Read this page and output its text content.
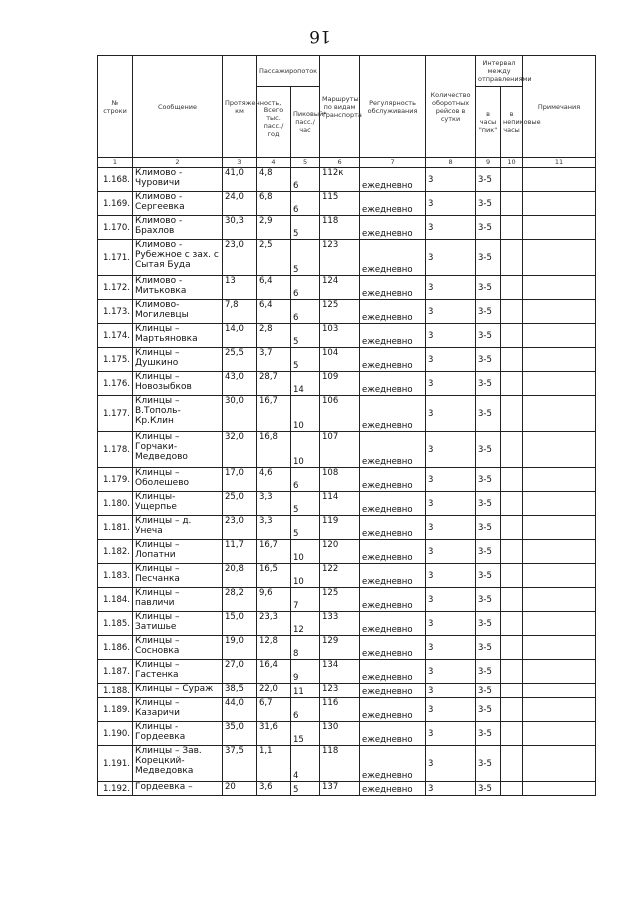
16
№ строки	Сообщение	Протяженность, км	Пассажиропоток		Маршруты по видам транспорта	Регулярность обслуживания	Количество оборотных рейсов в сутки	Интервал между отправлениями		Примечания
			Всего тыс. пасс./год	Пиковый* пасс./час				в часы "пик"	в непиковые часы	
1	2	3	4	5	6	7	8	9	10	11
1.168.	Климово - Чуровичи	41,0	4,8	6	112к	ежедневно	3	3-5		
1.169.	Климово - Сергеевка	24,0	6,8	6	115	ежедневно	3	3-5		
1.170.	Климово - Брахлов	30,3	2,9	5	118	ежедневно	3	3-5		
1.171.	Климово - Рубежное с зах. с Сытая Буда	23,0	2,5	5	123	ежедневно	3	3-5		
1.172.	Климово - Митьковка	13	6,4	6	124	ежедневно	3	3-5		
1.173.	Климово- Могилевцы	7,8	6,4	6	125	ежедневно	3	3-5		
1.174.	Клинцы – Мартьяновка	14,0	2,8	5	103	ежедневно	3	3-5		
1.175.	Клинцы – Душкино	25,5	3,7	5	104	ежедневно	3	3-5		
1.176.	Клинцы – Новозыбков	43,0	28,7	14	109	ежедневно	3	3-5		
1.177.	Клинцы – В.Тополь- Кр.Клин	30,0	16,7	10	106	ежедневно	3	3-5		
1.178.	Клинцы – Горчаки- Медведово	32,0	16,8	10	107	ежедневно	3	3-5		
1.179.	Клинцы – Оболешево	17,0	4,6	6	108	ежедневно	3	3-5		
1.180.	Клинцы- Ущерпье	25,0	3,3	5	114	ежедневно	3	3-5		
1.181.	Клинцы – д. Унеча	23,0	3,3	5	119	ежедневно	3	3-5		
1.182.	Клинцы – Лопатни	11,7	16,7	10	120	ежедневно	3	3-5		
1.183.	Клинцы – Песчанка	20,8	16,5	10	122	ежедневно	3	3-5		
1.184.	Клинцы – павличи	28,2	9,6	7	125	ежедневно	3	3-5		
1.185.	Клинцы – Затишье	15,0	23,3	12	133	ежедневно	3	3-5		
1.186.	Клинцы – Сосновка	19,0	12,8	8	129	ежедневно	3	3-5		
1.187.	Клинцы – Гастенка	27,0	16,4	9	134	ежедневно	3	3-5		
1.188.	Клинцы – Сураж	38,5	22,0	11	123	ежедневно	3	3-5		
1.189.	Клинцы – Казаричи	44,0	6,7	6	116	ежедневно	3	3-5		
1.190.	Клинцы - Гордеевка	35,0	31,6	15	130	ежедневно	3	3-5		
1.191.	Клинцы – Зав. Корецкий- Медведовка	37,5	1,1	4	118	ежедневно	3	3-5		
1.192.	Гордеевка –	20	3,6	5	137	ежедневно	3	3-5		
